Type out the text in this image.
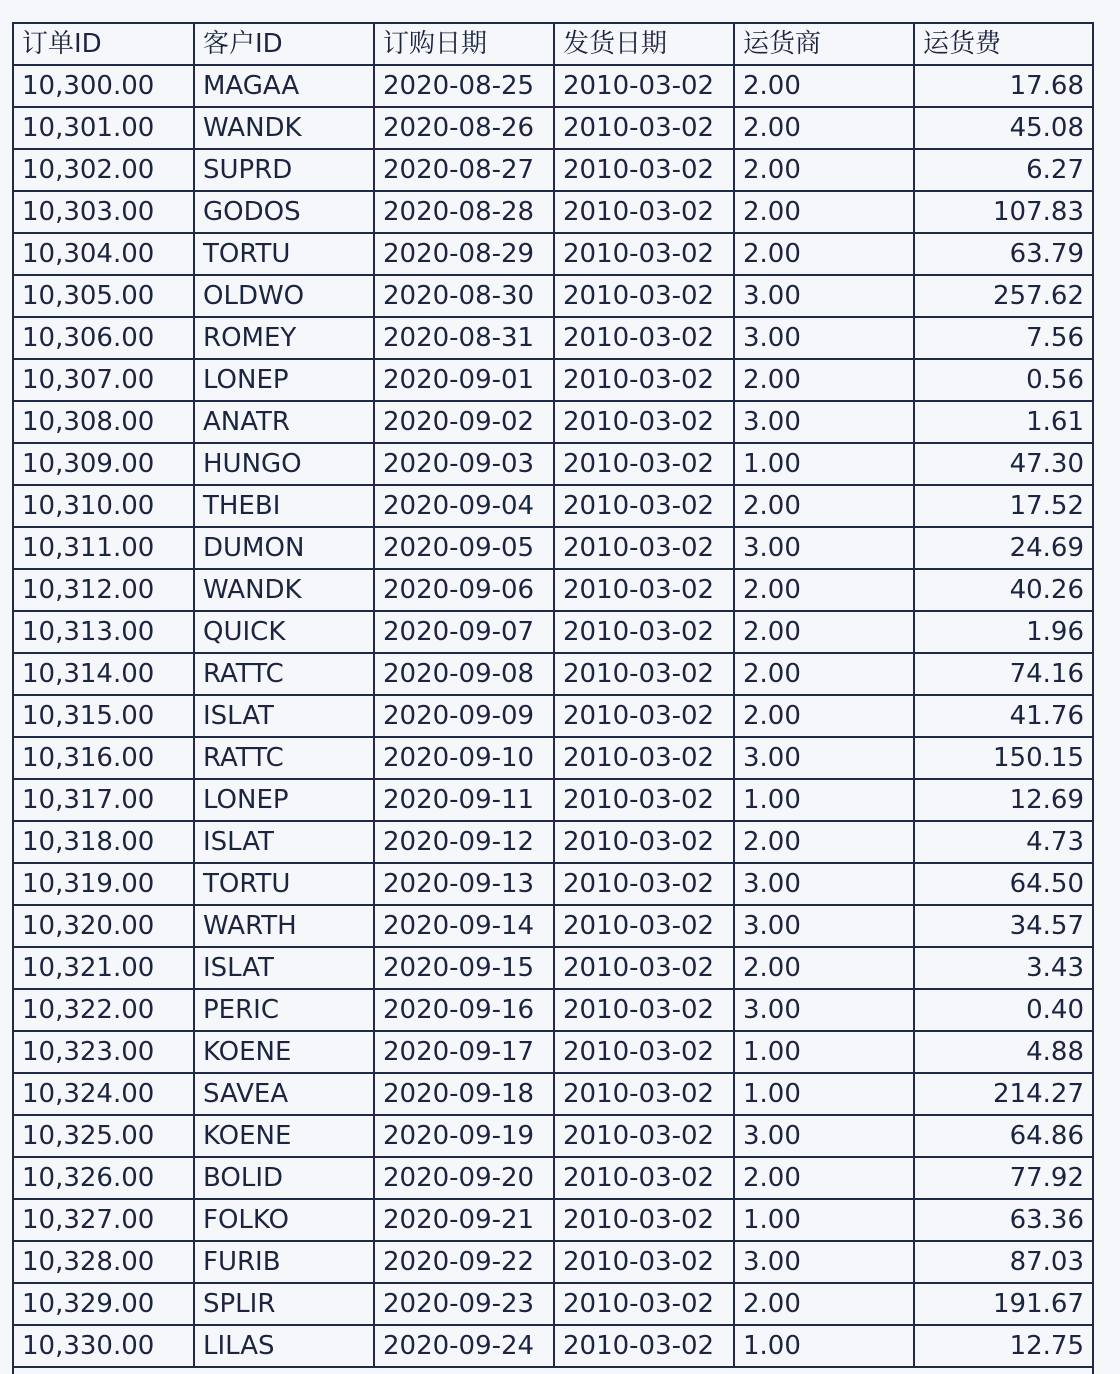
订单ID	客户ID	订购日期	发货日期	运货商	运货费
10,300.00	MAGAA	2020-08-25	2010-03-02	2.00	17.68
10,301.00	WANDK	2020-08-26	2010-03-02	2.00	45.08
10,302.00	SUPRD	2020-08-27	2010-03-02	2.00	6.27
10,303.00	GODOS	2020-08-28	2010-03-02	2.00	107.83
10,304.00	TORTU	2020-08-29	2010-03-02	2.00	63.79
10,305.00	OLDWO	2020-08-30	2010-03-02	3.00	257.62
10,306.00	ROMEY	2020-08-31	2010-03-02	3.00	7.56
10,307.00	LONEP	2020-09-01	2010-03-02	2.00	0.56
10,308.00	ANATR	2020-09-02	2010-03-02	3.00	1.61
10,309.00	HUNGO	2020-09-03	2010-03-02	1.00	47.30
10,310.00	THEBI	2020-09-04	2010-03-02	2.00	17.52
10,311.00	DUMON	2020-09-05	2010-03-02	3.00	24.69
10,312.00	WANDK	2020-09-06	2010-03-02	2.00	40.26
10,313.00	QUICK	2020-09-07	2010-03-02	2.00	1.96
10,314.00	RATTC	2020-09-08	2010-03-02	2.00	74.16
10,315.00	ISLAT	2020-09-09	2010-03-02	2.00	41.76
10,316.00	RATTC	2020-09-10	2010-03-02	3.00	150.15
10,317.00	LONEP	2020-09-11	2010-03-02	1.00	12.69
10,318.00	ISLAT	2020-09-12	2010-03-02	2.00	4.73
10,319.00	TORTU	2020-09-13	2010-03-02	3.00	64.50
10,320.00	WARTH	2020-09-14	2010-03-02	3.00	34.57
10,321.00	ISLAT	2020-09-15	2010-03-02	2.00	3.43
10,322.00	PERIC	2020-09-16	2010-03-02	3.00	0.40
10,323.00	KOENE	2020-09-17	2010-03-02	1.00	4.88
10,324.00	SAVEA	2020-09-18	2010-03-02	1.00	214.27
10,325.00	KOENE	2020-09-19	2010-03-02	3.00	64.86
10,326.00	BOLID	2020-09-20	2010-03-02	2.00	77.92
10,327.00	FOLKO	2020-09-21	2010-03-02	1.00	63.36
10,328.00	FURIB	2020-09-22	2010-03-02	3.00	87.03
10,329.00	SPLIR	2020-09-23	2010-03-02	2.00	191.67
10,330.00	LILAS	2020-09-24	2010-03-02	1.00	12.75
